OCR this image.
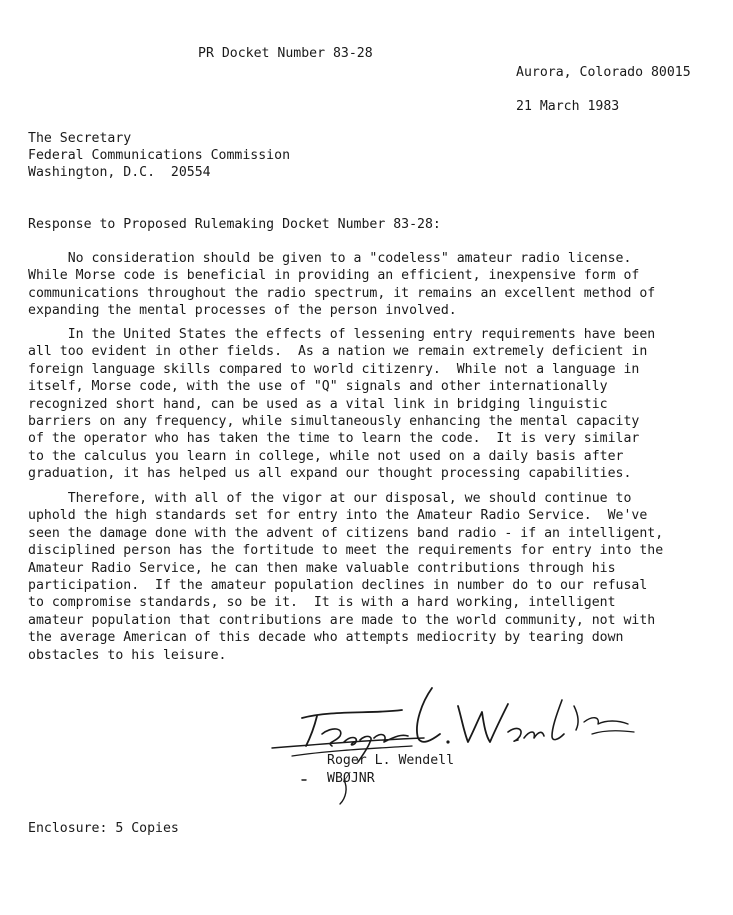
PR Docket Number 83-28
Aurora, Colorado 80015
21 March 1983
The Secretary
Federal Communications Commission
Washington, D.C.  20554
Response to Proposed Rulemaking Docket Number 83-28:
No consideration should be given to a "codeless" amateur radio license.
While Morse code is beneficial in providing an efficient, inexpensive form of
communications throughout the radio spectrum, it remains an excellent method of
expanding the mental processes of the person involved.
In the United States the effects of lessening entry requirements have been
all too evident in other fields.  As a nation we remain extremely deficient in
foreign language skills compared to world citizenry.  While not a language in
itself, Morse code, with the use of "Q" signals and other internationally
recognized short hand, can be used as a vital link in bridging linguistic
barriers on any frequency, while simultaneously enhancing the mental capacity
of the operator who has taken the time to learn the code.  It is very similar
to the calculus you learn in college, while not used on a daily basis after
graduation, it has helped us all expand our thought processing capabilities.
Therefore, with all of the vigor at our disposal, we should continue to
uphold the high standards set for entry into the Amateur Radio Service.  We've
seen the damage done with the advent of citizens band radio - if an intelligent,
disciplined person has the fortitude to meet the requirements for entry into the
Amateur Radio Service, he can then make valuable contributions through his
participation.  If the amateur population declines in number do to our refusal
to compromise standards, so be it.  It is with a hard working, intelligent
amateur population that contributions are made to the world community, not with
the average American of this decade who attempts mediocrity by tearing down
obstacles to his leisure.
Roger L. Wendell
WBØJNR
Enclosure: 5 Copies
